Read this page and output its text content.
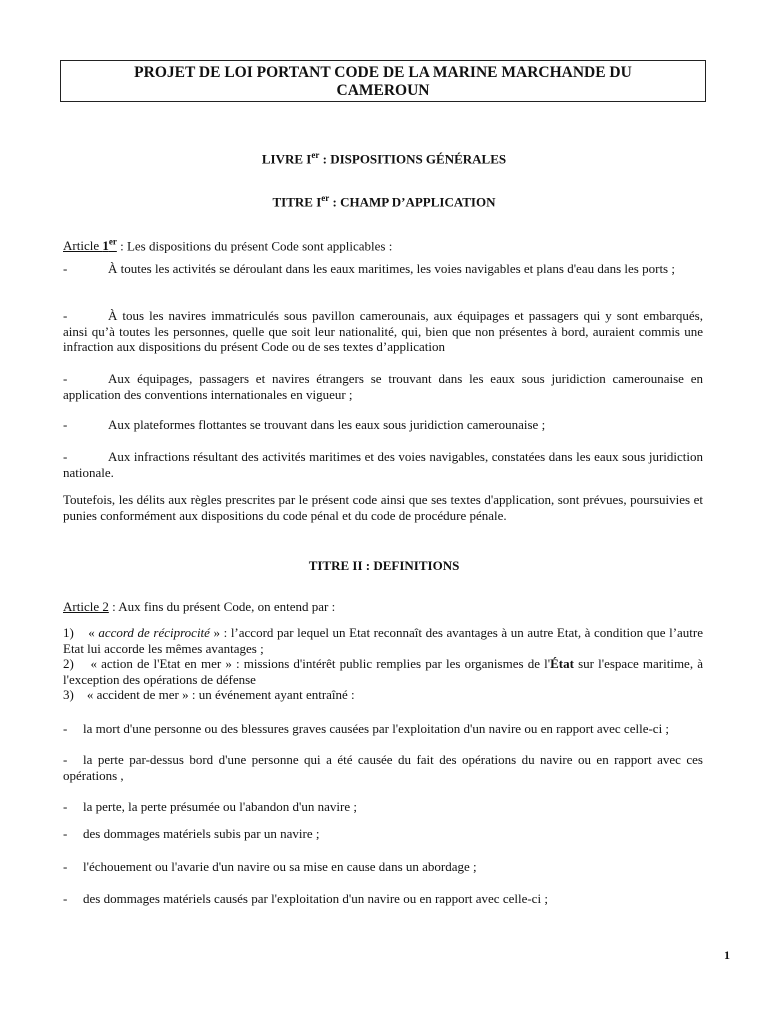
PROJET DE LOI PORTANT CODE DE LA MARINE MARCHANDE DU
CAMEROUN
LIVRE Ier : DISPOSITIONS GÉNÉRALES
TITRE Ier : CHAMP D’APPLICATION
Article 1er : Les dispositions du présent Code sont applicables :
-	À toutes les activités se déroulant dans les eaux maritimes, les voies navigables et plans d'eau dans les ports ;
-	À tous les navires immatriculés sous pavillon camerounais, aux équipages et passagers qui y sont embarqués, ainsi qu’à toutes les personnes, quelle que soit leur nationalité, qui, bien que non présentes à bord, auraient commis une infraction aux dispositions du présent Code ou de ses textes d’application
-	Aux équipages, passagers et navires étrangers se trouvant dans les eaux sous juridiction camerounaise en application des conventions internationales en vigueur ;
-	Aux plateformes flottantes se trouvant dans les eaux sous juridiction camerounaise ;
-	Aux infractions résultant des activités maritimes et des voies navigables, constatées dans les eaux sous juridiction nationale.
Toutefois, les délits aux règles prescrites par le présent code ainsi que ses textes d'application, sont prévues, poursuivies et punies conformément aux dispositions du code pénal et du code de procédure pénale.
TITRE II : DEFINITIONS
Article 2 : Aux fins du présent Code, on entend par :
1) « accord de réciprocité » : l’accord par lequel un Etat reconnaît des avantages à un autre Etat, à condition que l’autre Etat lui accorde les mêmes avantages ;
2) « action de l'Etat en mer » : missions d'intérêt public remplies par les organismes de l'État sur l'espace maritime, à l'exception des opérations de défense
3) « accident de mer » : un événement ayant entraîné :
-	la mort d'une personne ou des blessures graves causées par l'exploitation d'un navire ou en rapport avec celle-ci ;
-	la perte par-dessus bord d'une personne qui a été causée du fait des opérations du navire ou en rapport avec ces opérations ,
-	la perte, la perte présumée ou l'abandon d'un navire ;
-	des dommages matériels subis par un navire ;
-	l'échouement ou l'avarie d'un navire ou sa mise en cause dans un abordage ;
-	des dommages matériels causés par l'exploitation d'un navire ou en rapport avec celle-ci ;
1
